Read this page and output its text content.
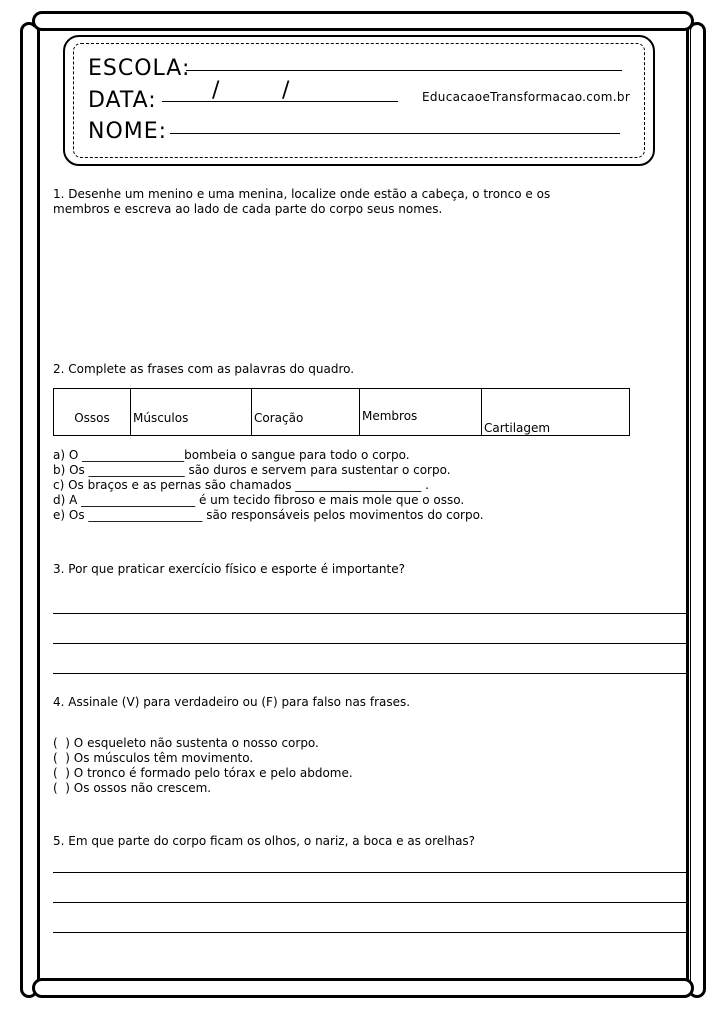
ESCOLA:
DATA:	/	/	EducacaoeTransformacao.com.br
NOME:
1. Desenhe um menino e uma menina, localize onde estão a cabeça, o tronco e os
membros e escreva ao lado de cada parte do corpo seus nomes.
2. Complete as frases com as palavras do quadro.
Ossos	Músculos	Coração	Membros	Cartilagem
a) O _________________bombeia o sangue para todo o corpo.
b) Os ________________ são duros e servem para sustentar o corpo.
c) Os braços e as pernas são chamados _____________________ .
d) A ___________________ é um tecido fibroso e mais mole que o osso.
e) Os ___________________ são responsáveis pelos movimentos do corpo.
3. Por que praticar exercício físico e esporte é importante?
4. Assinale (V) para verdadeiro ou (F) para falso nas frases.
(  ) O esqueleto não sustenta o nosso corpo.
(  ) Os músculos têm movimento.
(  ) O tronco é formado pelo tórax e pelo abdome.
(  ) Os ossos não crescem.
5. Em que parte do corpo ficam os olhos, o nariz, a boca e as orelhas?
